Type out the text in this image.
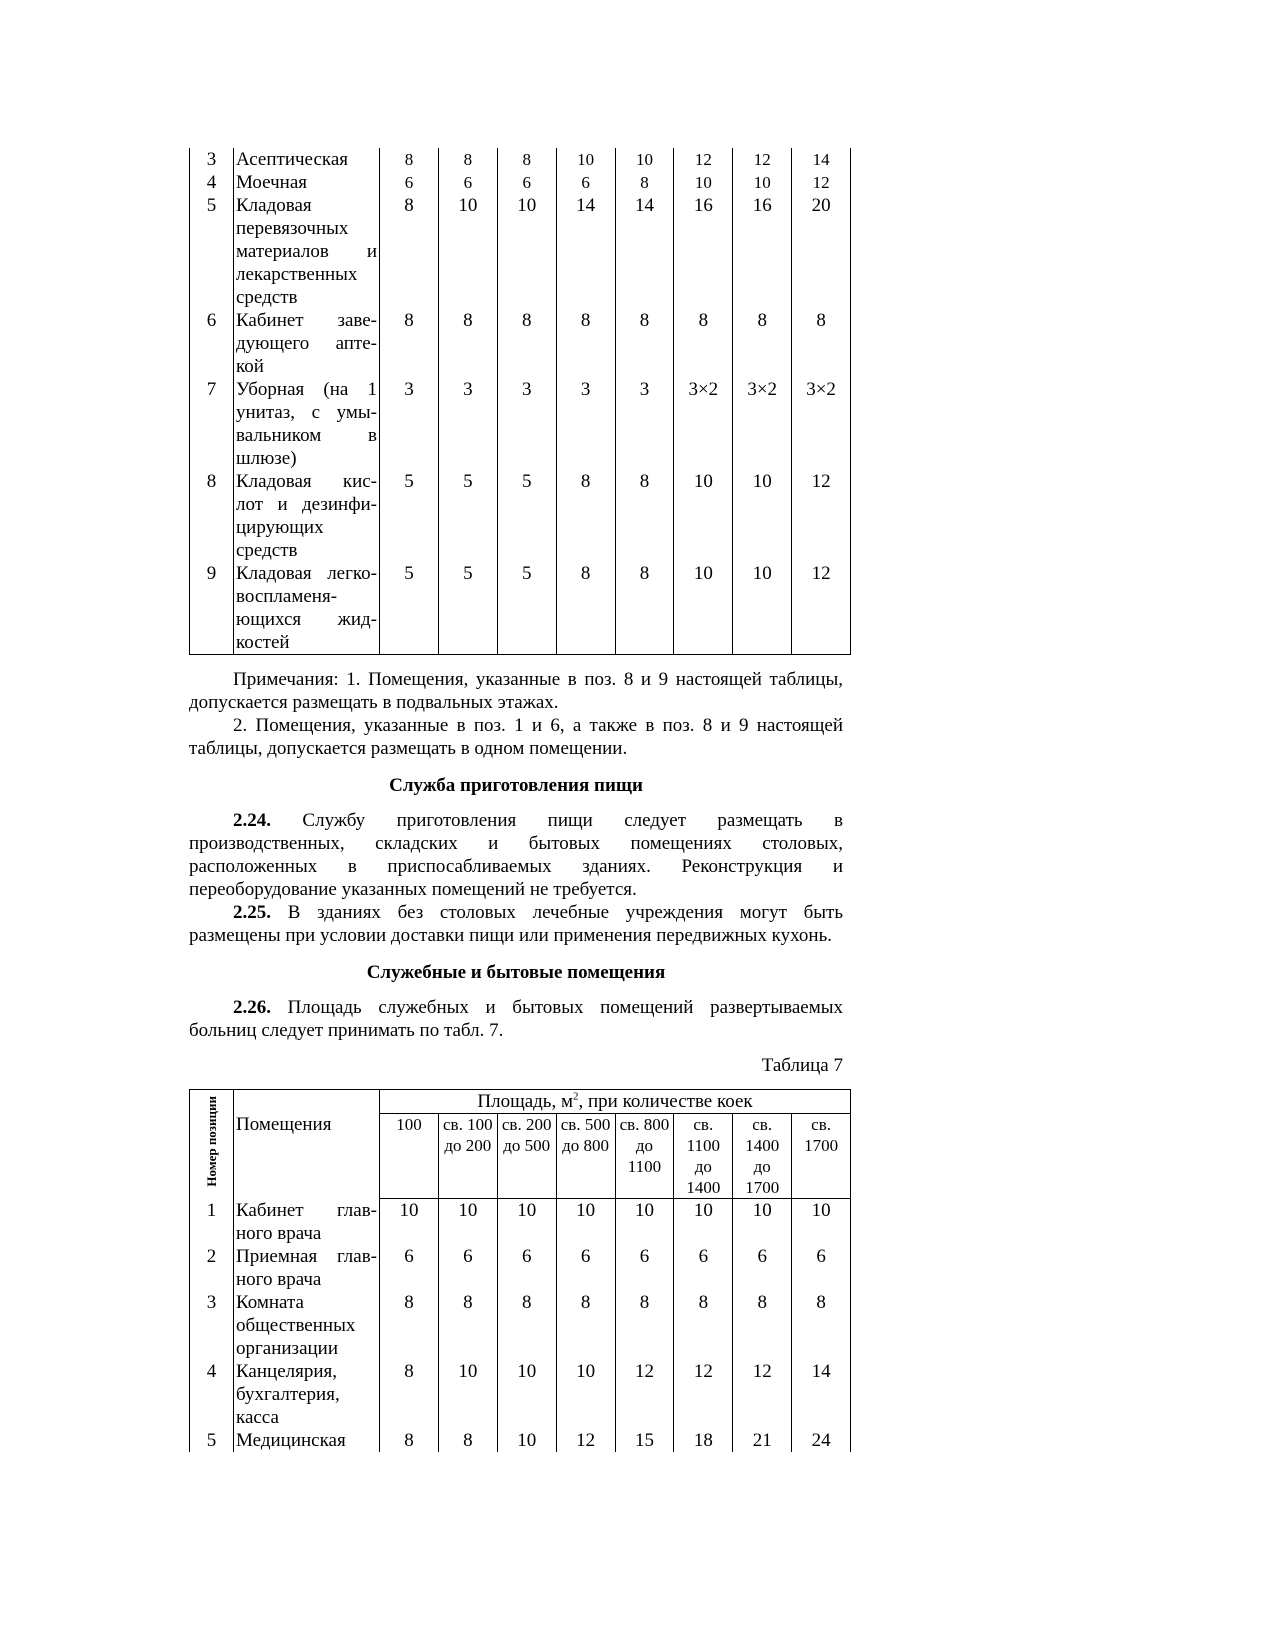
3	Асептическая	8	8	8	10	10	12	12	14
4	Моечная	6	6	6	6	8	10	10	12
5	Кладовая перевязочных материалов и лекарственных средств	8	10	10	14	14	16	16	20
6	Кабинет заве-дующего апте-кой	8	8	8	8	8	8	8	8
7	Уборная (на 1 унитаз, с умы-вальником в шлюзе)	3	3	3	3	3	3×2	3×2	3×2
8	Кладовая кис-лот и дезинфи-цирующих средств	5	5	5	8	8	10	10	12
9	Кладовая легко-воспламеня-ющихся жид-костей	5	5	5	8	8	10	10	12

Примечания: 1. Помещения, указанные в поз. 8 и 9 настоящей таблицы, допускается размещать в подвальных этажах.

2. Помещения, указанные в поз. 1 и 6, а также в поз. 8 и 9 настоящей таблицы, допускается размещать в одном помещении.

Служба приготовления пищи

2.24. Службу приготовления пищи следует размещать в производственных, складских и бытовых помещениях столовых, расположенных в приспосабливаемых зданиях. Реконструкция и переоборудование указанных помещений не требуется.

2.25. В зданиях без столовых лечебные учреждения могут быть размещены при условии доставки пищи или применения передвижных кухонь.

Служебные и бытовые помещения

2.26. Площадь служебных и бытовых помещений развертываемых больниц следует принимать по табл. 7.

Таблица 7
Номер позиции	Помещения	Площадь, $м^2$, при количестве коек							
		100	св. 100 до 200	св. 200 до 500	св. 500 до 800	св. 800 до 1100	св. 1100 до 1400	св. 1400 до 1700	св. 1700
1	Кабинет глав-ного врача	10	10	10	10	10	10	10	10
2	Приемная глав-ного врача	6	6	6	6	6	6	6	6
3	Комната общественных организации	8	8	8	8	8	8	8	8
4	Канцелярия, бухгалтерия, касса	8	10	10	10	12	12	12	14
5	Медицинская	8	8	10	12	15	18	21	24
